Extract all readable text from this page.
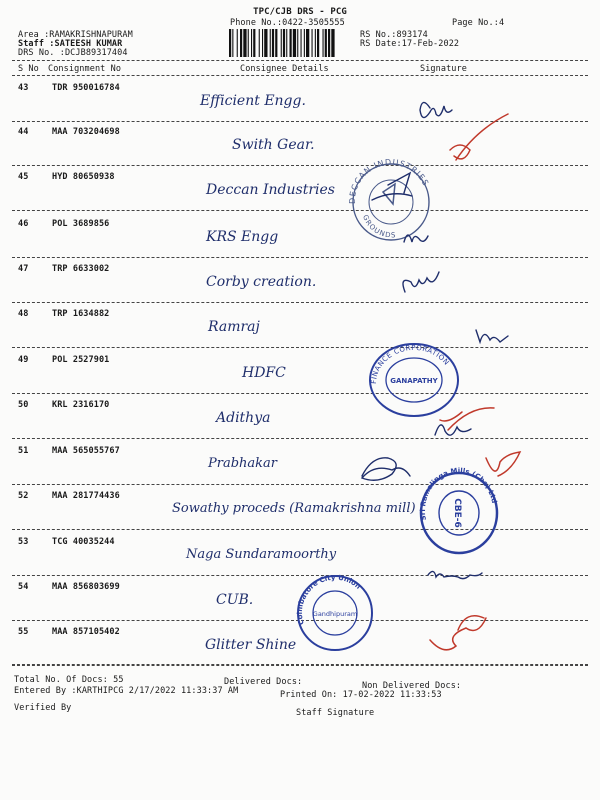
TPC/CJB DRS - PCG
Phone No.:0422-3505555	Page No.:4
Area :RAMAKRISHNAPURAM
Staff :SATEESH KUMAR
DRS No. :DCJB89317404
RS No.:893174
RS Date:17-Feb-2022
S No Consignment No	Consignee Details	Signature
43	TDR 950016784
Efficient Engg.
44	MAA 703204698
Swith Gear.
45	HYD 80650938
Deccan Industries
46	POL 3689856
KRS Engg
47	TRP 6633002
Corby creation.
48	TRP 1634882
Ramraj
49	POL 2527901
HDFC
50	KRL 2316170
Adithya
51	MAA 565055767
Prabhakar
52	MAA 281774436
Sowathy proceds (Ramakrishna mill)
53	TCG 40035244
Naga Sundaramoorthy
54	MAA 856803699
CUB.
55	MAA 857105402
Glitter Shine
DECCAN INDUSTRIES
GROUNDS
FINANCE CORPORATION
GANAPATHY
Sri Ramalinga Mills (Cbe) Ltd
CBE-6
Coimbatore City Union
Gandhipuram
Total No. Of Docs: 55	Delivered Docs:	Non Delivered Docs:
Entered By :KARTHIPCG 2/17/2022 11:33:37 AM	Printed On: 17-02-2022 11:33:53
Verified By	Staff Signature
